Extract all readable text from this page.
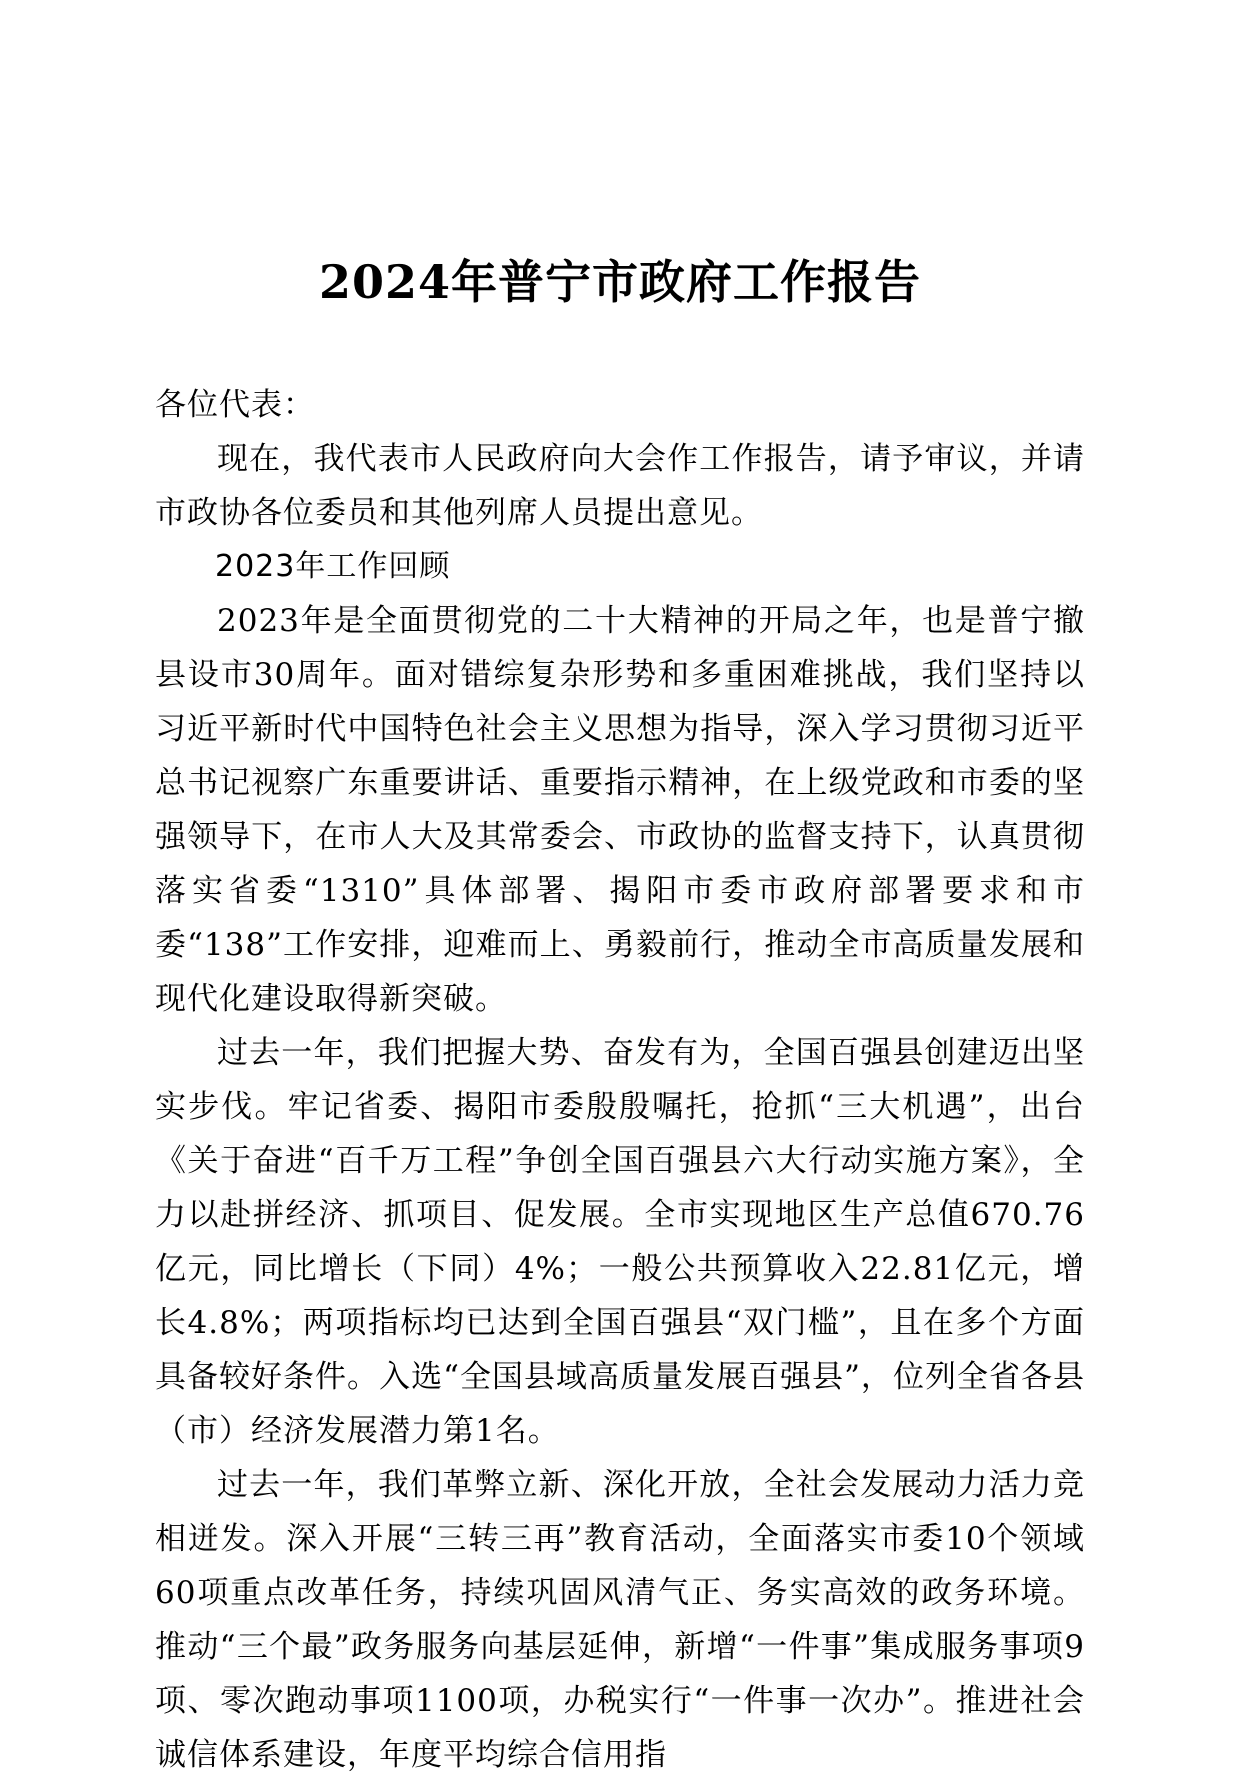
2024年普宁市政府工作报告

各位代表：

现在，我代表市人民政府向大会作工作报告，请予审议，并请市政协各位委员和其他列席人员提出意见。

2023年工作回顾

2023年是全面贯彻党的二十大精神的开局之年，也是普宁撤县设市30周年。面对错综复杂形势和多重困难挑战，我们坚持以习近平新时代中国特色社会主义思想为指导，深入学习贯彻习近平总书记视察广东重要讲话、重要指示精神，在上级党政和市委的坚强领导下，在市人大及其常委会、市政协的监督支持下，认真贯彻落实省委“1310”具体部署、揭阳市委市政府部署要求和市委“138”工作安排，迎难而上、勇毅前行，推动全市高质量发展和现代化建设取得新突破。

过去一年，我们把握大势、奋发有为，全国百强县创建迈出坚实步伐。牢记省委、揭阳市委殷殷嘱托，抢抓“三大机遇”，出台《关于奋进“百千万工程”争创全国百强县六大行动实施方案》，全力以赴拼经济、抓项目、促发展。全市实现地区生产总值670.76亿元，同比增长（下同）4%；一般公共预算收入22.81亿元，增长4.8%；两项指标均已达到全国百强县“双门槛”，且在多个方面具备较好条件。入选“全国县域高质量发展百强县”，位列全省各县（市）经济发展潜力第1名。

过去一年，我们革弊立新、深化开放，全社会发展动力活力竞相迸发。深入开展“三转三再”教育活动，全面落实市委10个领域60项重点改革任务，持续巩固风清气正、务实高效的政务环境。推动“三个最”政务服务向基层延伸，新增“一件事”集成服务事项9项、零次跑动事项1100项，办税实行“一件事一次办”。推进社会诚信体系建设，年度平均综合信用指
